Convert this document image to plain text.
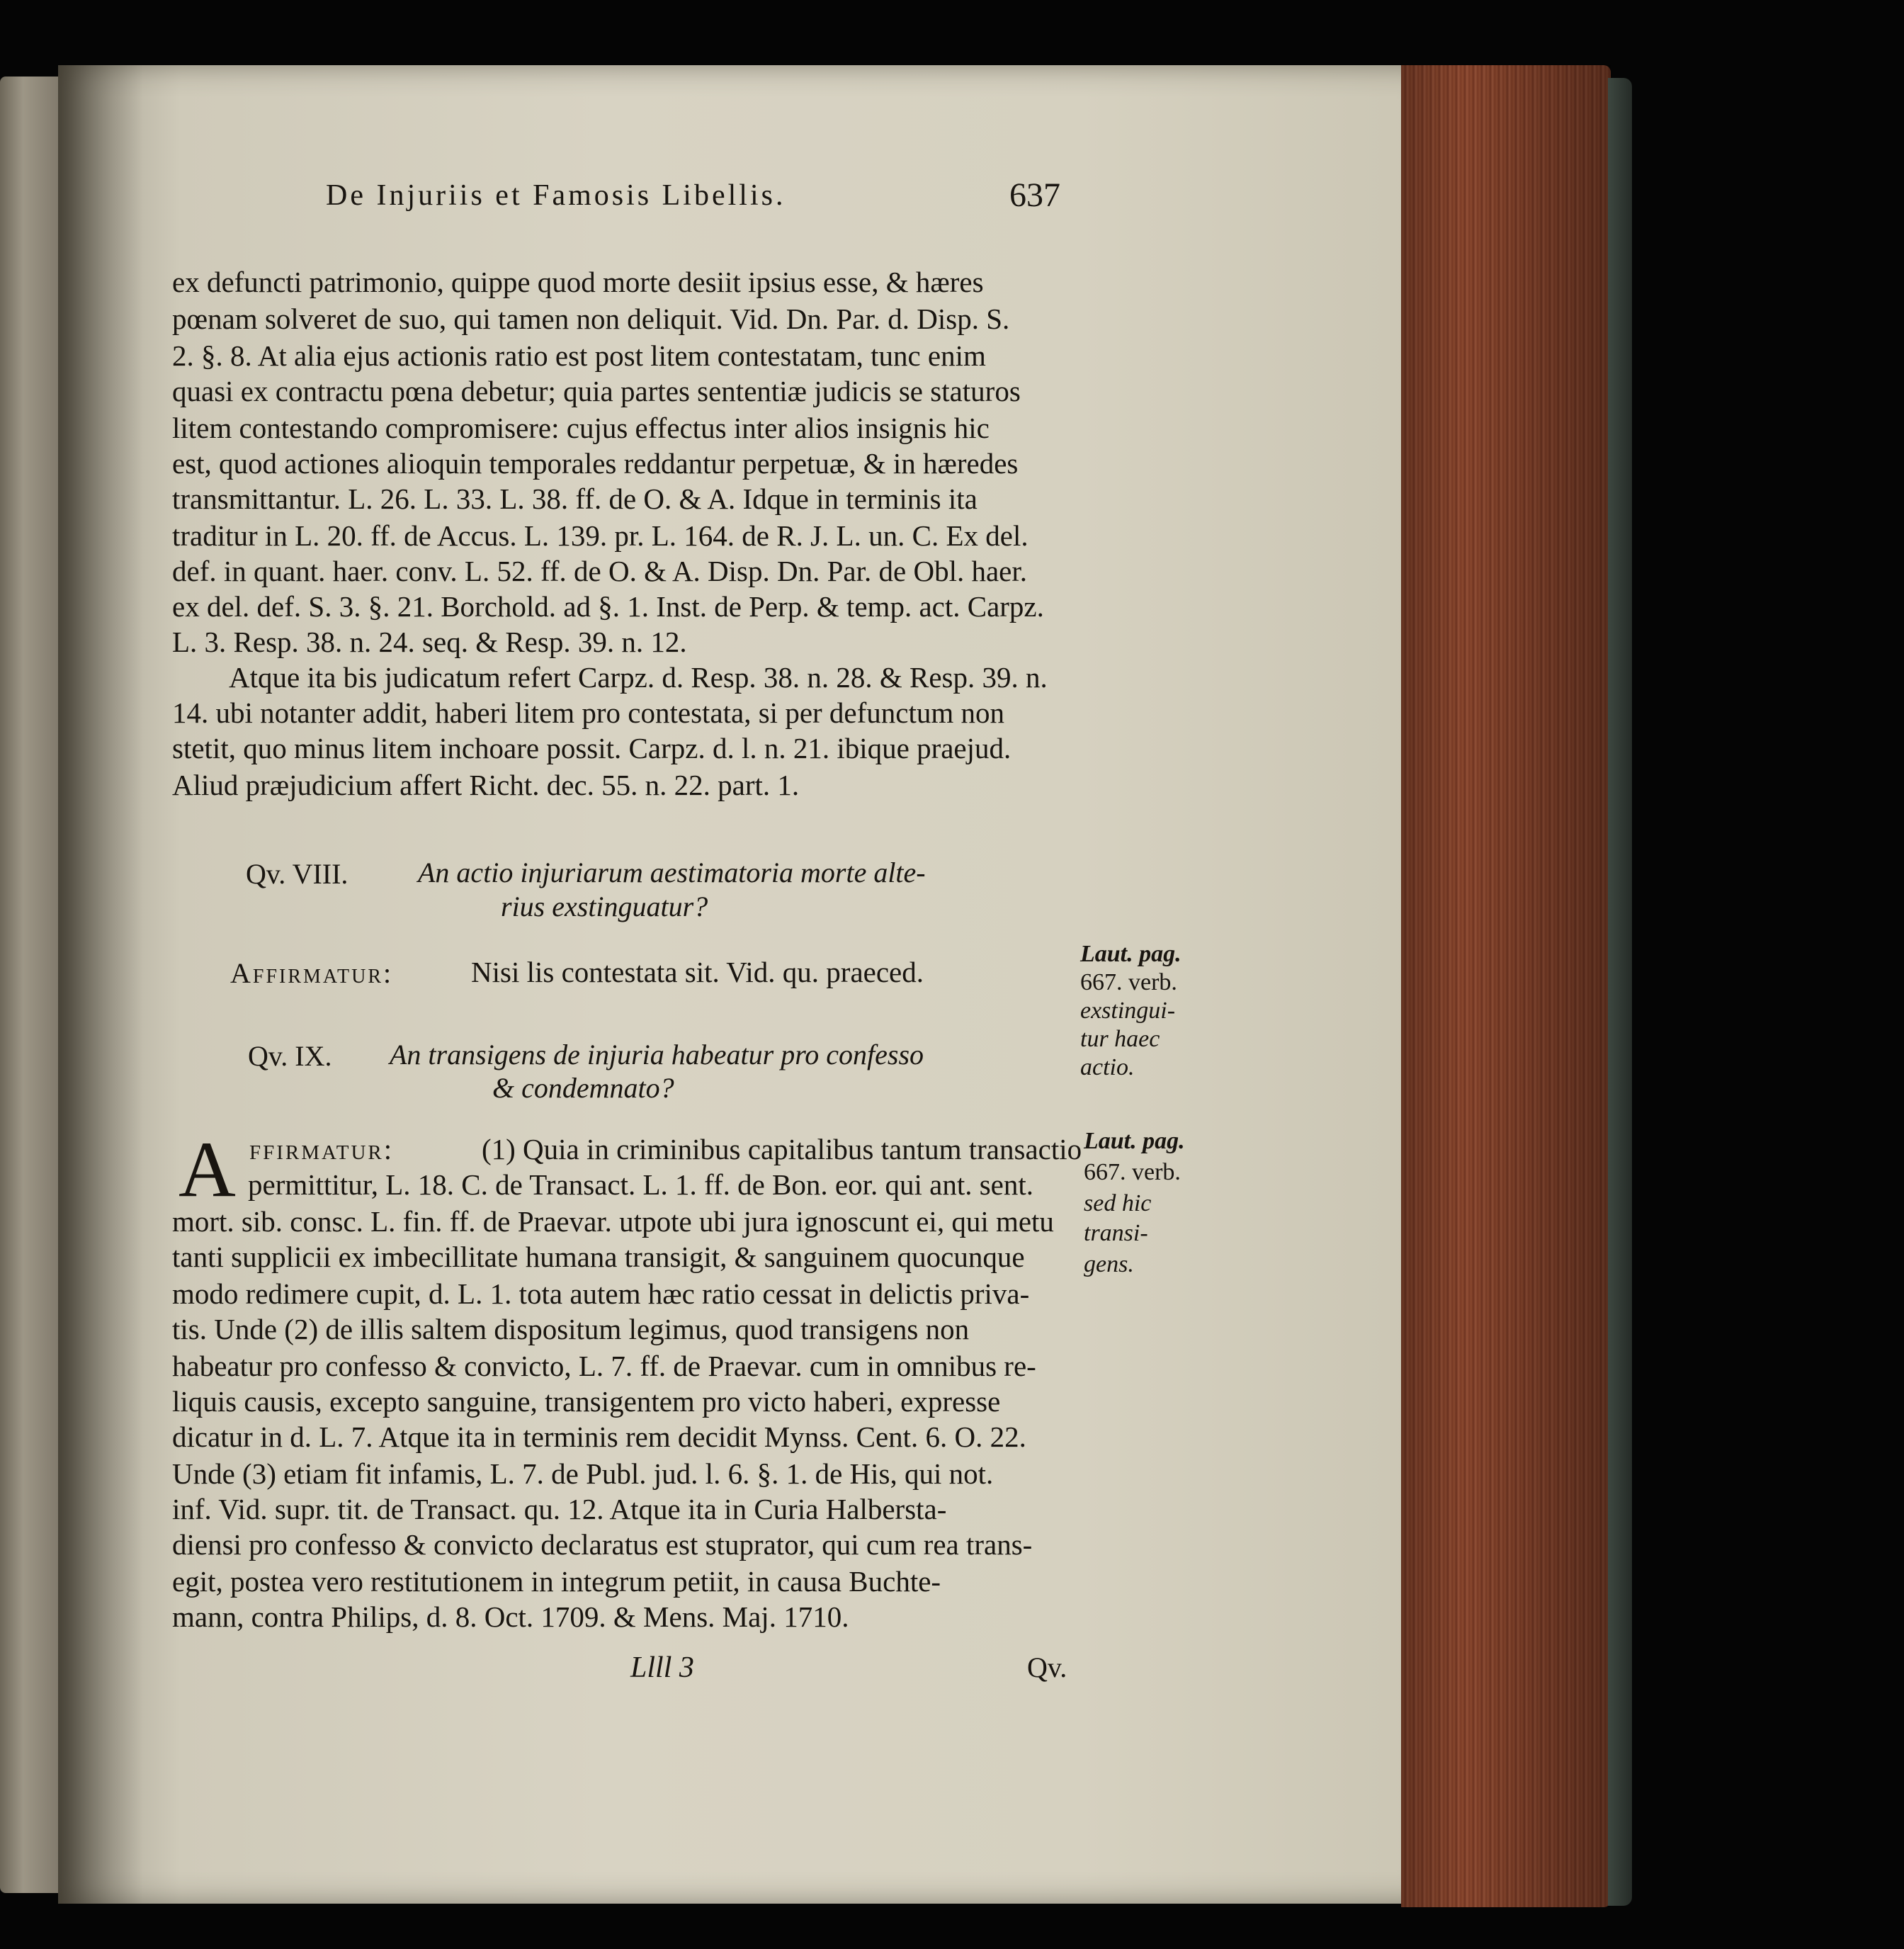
De Injuriis et Famosis Libellis.	637
ex defuncti patrimonio, quippe quod morte desiit ipsius esse, & hæres
pœnam solveret de suo, qui tamen non deliquit. Vid. Dn. Par. d. Disp. S.
2. §. 8. At alia ejus actionis ratio est post litem contestatam, tunc enim
quasi ex contractu pœna debetur; quia partes sententiæ judicis se staturos
litem contestando compromisere: cujus effectus inter alios insignis hic
est, quod actiones alioquin temporales reddantur perpetuæ, & in hæredes
transmittantur. L. 26. L. 33. L. 38. ff. de O. & A. Idque in terminis ita
traditur in L. 20. ff. de Accus. L. 139. pr. L. 164. de R. J. L. un. C. Ex del.
def. in quant. haer. conv. L. 52. ff. de O. & A. Disp. Dn. Par. de Obl. haer.
ex del. def. S. 3. §. 21. Borchold. ad §. 1. Inst. de Perp. & temp. act. Carpz.
L. 3. Resp. 38. n. 24. seq. & Resp. 39. n. 12.
Atque ita bis judicatum refert Carpz. d. Resp. 38. n. 28. & Resp. 39. n.
14. ubi notanter addit, haberi litem pro contestata, si per defunctum non
stetit, quo minus litem inchoare possit. Carpz. d. l. n. 21. ibique praejud.
Aliud præjudicium affert Richt. dec. 55. n. 22. part. 1.
Qv. VIII. An actio injuriarum aestimatoria morte alte-
rius exstinguatur?
Affirmatur:	Nisi lis contestata sit. Vid. qu. praeced.
Laut. pag.
667. verb.
exstingui-
tur haec
actio.
Qv. IX. An transigens de injuria habeatur pro confesso
& condemnato?
A ffirmatur:	(1) Quia in criminibus capitalibus tantum transactio
permittitur, L. 18. C. de Transact. L. 1. ff. de Bon. eor. qui ant. sent.
mort. sib. consc. L. fin. ff. de Praevar. utpote ubi jura ignoscunt ei, qui metu
tanti supplicii ex imbecillitate humana transigit, & sanguinem quocunque
modo redimere cupit, d. L. 1. tota autem hæc ratio cessat in delictis priva-
tis. Unde (2) de illis saltem dispositum legimus, quod transigens non
habeatur pro confesso & convicto, L. 7. ff. de Praevar. cum in omnibus re-
liquis causis, excepto sanguine, transigentem pro victo haberi, expresse
dicatur in d. L. 7. Atque ita in terminis rem decidit Mynss. Cent. 6. O. 22.
Unde (3) etiam fit infamis, L. 7. de Publ. jud. l. 6. §. 1. de His, qui not.
inf. Vid. supr. tit. de Transact. qu. 12. Atque ita in Curia Halbersta-
diensi pro confesso & convicto declaratus est stuprator, qui cum rea trans-
egit, postea vero restitutionem in integrum petiit, in causa Buchte-
mann, contra Philips, d. 8. Oct. 1709. & Mens. Maj. 1710.
Laut. pag.
667. verb.
sed hic
transi-
gens.
Llll 3	Qv.
